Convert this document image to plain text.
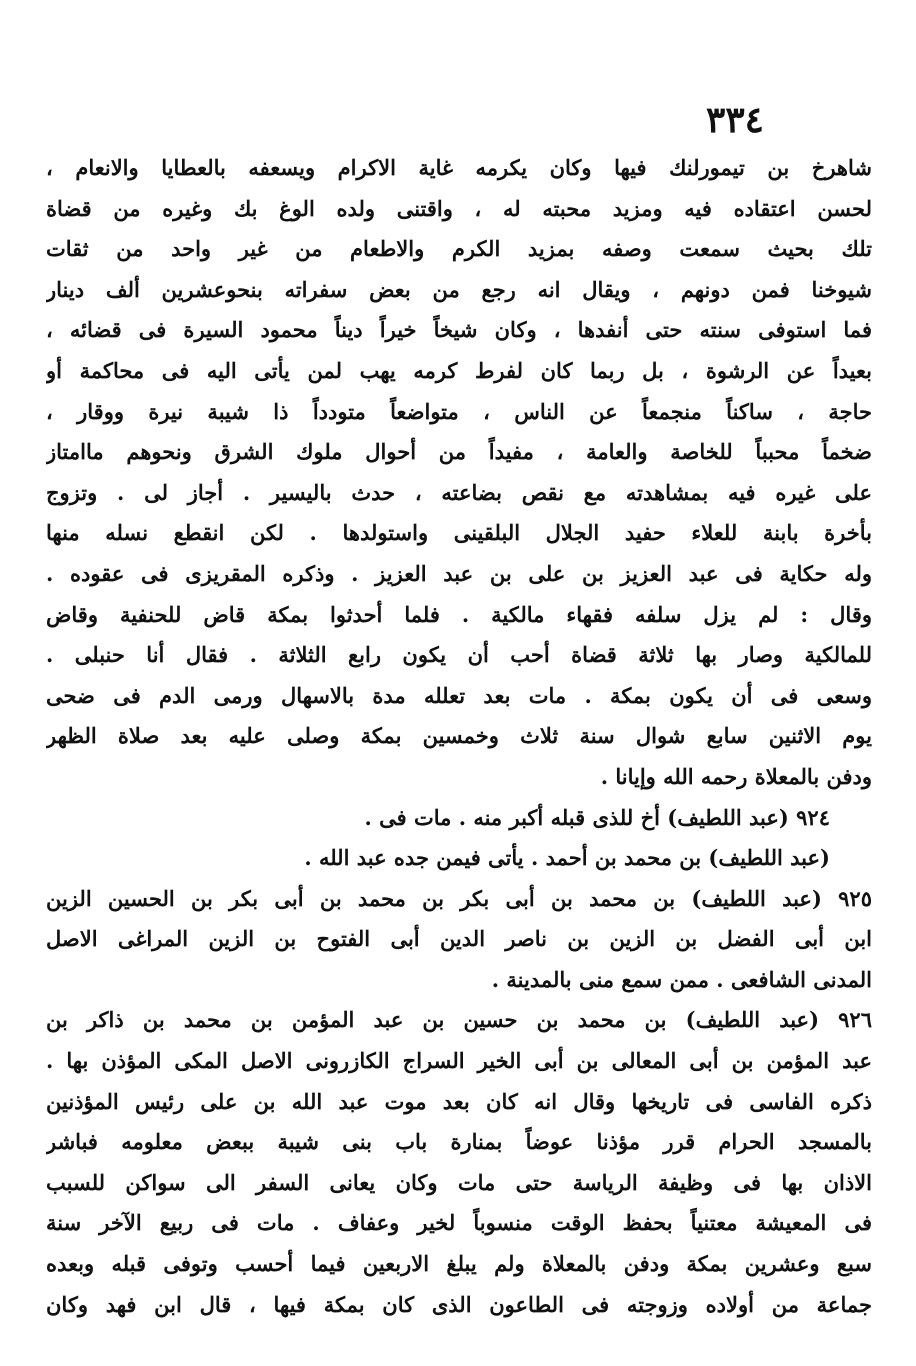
٣٣٤
شاهرخ بن تيمورلنك فيها وكان يكرمه غاية الاكرام ويسعفه بالعطايا والانعام ،
لحسن اعتقاده فيه ومزيد محبته له ، واقتنى ولده الوغ بك وغيره من قضاة
تلك بحيث سمعت وصفه بمزيد الكرم والاطعام من غير واحد من ثقات
شيوخنا فمن دونهم ، ويقال انه رجع من بعض سفراته بنحوعشرين ألف دينار
فما استوفى سنته حتى أنفدها ، وكان شيخاً خيراً ديناً محمود السيرة فى قضائه ،
بعيداً عن الرشوة ، بل ربما كان لفرط كرمه يهب لمن يأتى اليه فى محاكمة أو
حاجة ، ساكناً منجمعاً عن الناس ، متواضعاً متودداً ذا شيبة نيرة ووقار ،
ضخماً محبباً للخاصة والعامة ، مفيداً من أحوال ملوك الشرق ونحوهم ماامتاز
على غيره فيه بمشاهدته مع نقص بضاعته ، حدث باليسير . أجاز لى . وتزوج
بأخرة بابنة للعلاء حفيد الجلال البلقينى واستولدها . لكن انقطع نسله منها
وله حكاية فى عبد العزيز بن على بن عبد العزيز . وذكره المقريزى فى عقوده .
وقال : لم يزل سلفه فقهاء مالكية . فلما أحدثوا بمكة قاض للحنفية وقاض
للمالكية وصار بها ثلاثة قضاة أحب أن يكون رابع الثلاثة . فقال أنا حنبلى .
وسعى فى أن يكون بمكة . مات بعد تعلله مدة بالاسهال ورمى الدم فى ضحى
يوم الاثنين سابع شوال سنة ثلاث وخمسين بمكة وصلى عليه بعد صلاة الظهر
ودفن بالمعلاة رحمه الله وإيانا .
٩٢٤ (عبد اللطيف) أخ للذى قبله أكبر منه . مات فى .
(عبد اللطيف) بن محمد بن أحمد . يأتى فيمن جده عبد الله .
٩٢٥ (عبد اللطيف) بن محمد بن أبى بكر بن محمد بن أبى بكر بن الحسين الزين
ابن أبى الفضل بن الزين بن ناصر الدين أبى الفتوح بن الزين المراغى الاصل
المدنى الشافعى . ممن سمع منى بالمدينة .
٩٢٦ (عبد اللطيف) بن محمد بن حسين بن عبد المؤمن بن محمد بن ذاكر بن
عبد المؤمن بن أبى المعالى بن أبى الخير السراج الكازرونى الاصل المكى المؤذن بها .
ذكره الفاسى فى تاريخها وقال انه كان بعد موت عبد الله بن على رئيس المؤذنين
بالمسجد الحرام قرر مؤذنا عوضاً بمنارة باب بنى شيبة ببعض معلومه فباشر
الاذان بها فى وظيفة الرياسة حتى مات وكان يعانى السفر الى سواكن للسبب
فى المعيشة معتنياً بحفظ الوقت منسوباً لخير وعفاف . مات فى ربيع الآخر سنة
سبع وعشرين بمكة ودفن بالمعلاة ولم يبلغ الاربعين فيما أحسب وتوفى قبله وبعده
جماعة من أولاده وزوجته فى الطاعون الذى كان بمكة فيها ، قال ابن فهد وكان
